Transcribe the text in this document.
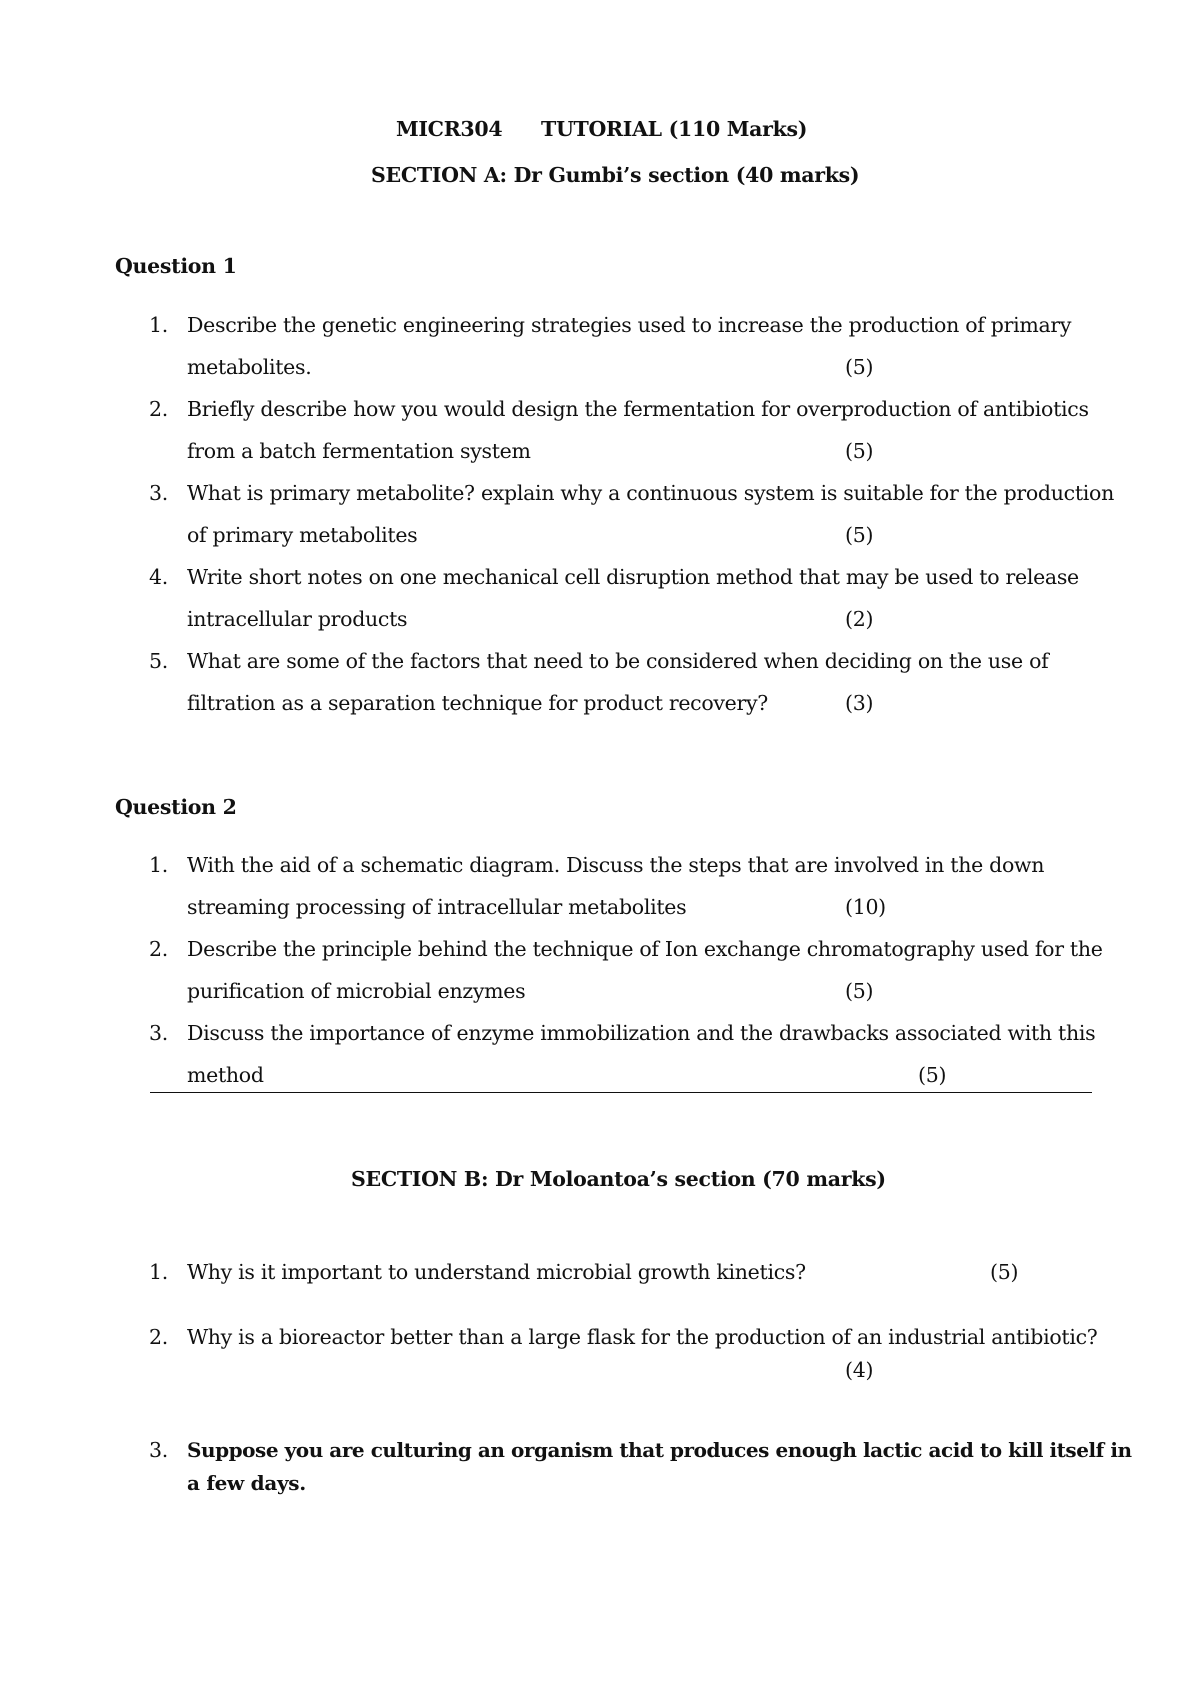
MICR304 TUTORIAL (110 Marks)
SECTION A: Dr Gumbi’s section (40 marks)
Question 1
1. Describe the genetic engineering strategies used to increase the production of primary
metabolites.	(5)
2. Briefly describe how you would design the fermentation for overproduction of antibiotics
from a batch fermentation system	(5)
3. What is primary metabolite? explain why a continuous system is suitable for the production
of primary metabolites	(5)
4. Write short notes on one mechanical cell disruption method that may be used to release
intracellular products	(2)
5. What are some of the factors that need to be considered when deciding on the use of
filtration as a separation technique for product recovery?	(3)
Question 2
1. With the aid of a schematic diagram. Discuss the steps that are involved in the down
streaming processing of intracellular metabolites	(10)
2. Describe the principle behind the technique of Ion exchange chromatography used for the
purification of microbial enzymes	(5)
3. Discuss the importance of enzyme immobilization and the drawbacks associated with this
method	(5)
SECTION B: Dr Moloantoa’s section (70 marks)
1. Why is it important to understand microbial growth kinetics?	(5)
2. Why is a bioreactor better than a large flask for the production of an industrial antibiotic?
(4)
3. Suppose you are culturing an organism that produces enough lactic acid to kill itself in
a few days.
